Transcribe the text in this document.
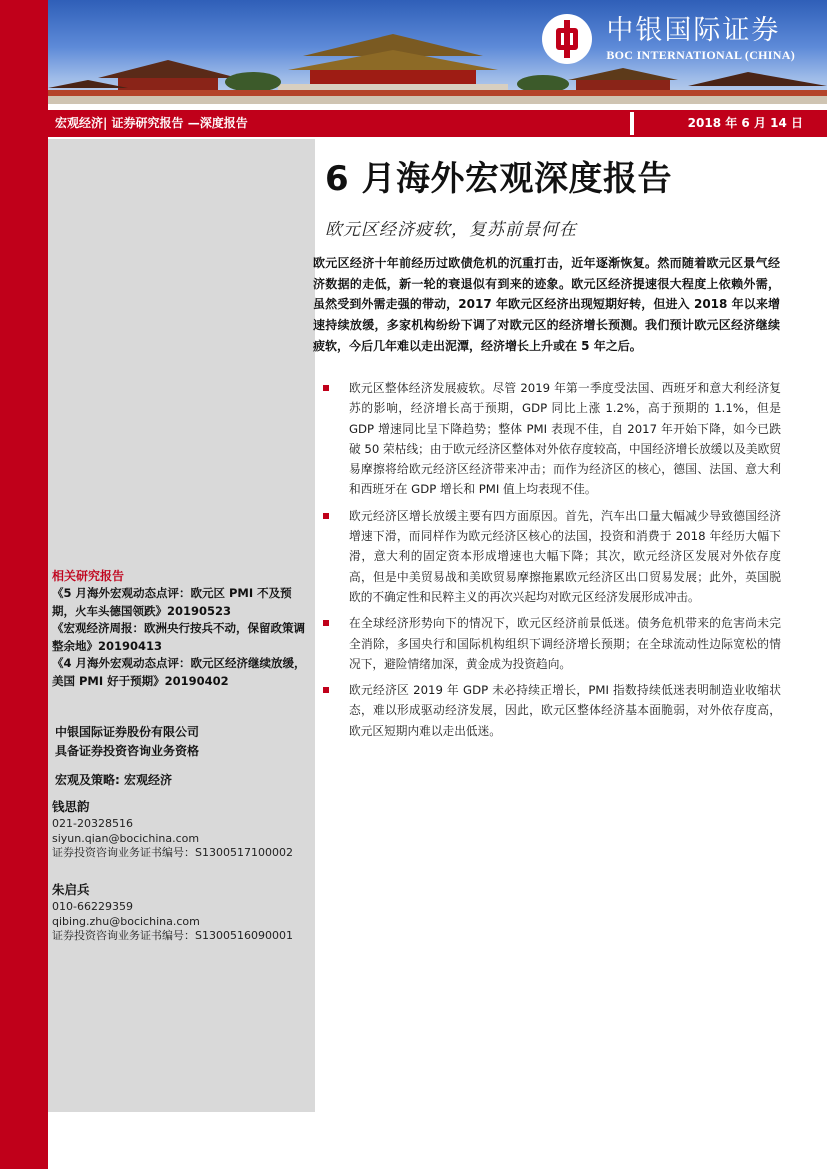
中银国际证券
BOC INTERNATIONAL (CHINA)
宏观经济| 证券研究报告 —深度报告	2018 年 6 月 14 日
相关研究报告
《5 月海外宏观动态点评：欧元区 PMI 不及预期，火车头德国领跌》20190523
《宏观经济周报：欧洲央行按兵不动，保留政策调整余地》20190413
《4 月海外宏观动态点评：欧元区经济继续放缓，美国 PMI 好于预期》20190402
中银国际证券股份有限公司
具备证券投资咨询业务资格
宏观及策略: 宏观经济
钱思韵
021-20328516
siyun.qian@bocichina.com
证券投资咨询业务证书编号：S1300517100002
朱启兵
010-66229359
qibing.zhu@bocichina.com
证券投资咨询业务证书编号：S1300516090001
6 月海外宏观深度报告
欧元区经济疲软，复苏前景何在

欧元区经济十年前经历过欧债危机的沉重打击，近年逐渐恢复。然而随着欧元区景气经济数据的走低，新一轮的衰退似有到来的迹象。欧元区经济提速很大程度上依赖外需，虽然受到外需走强的带动，2017 年欧元区经济出现短期好转，但进入 2018 年以来增速持续放缓，多家机构纷纷下调了对欧元区的经济增长预测。我们预计欧元区经济继续疲软，今后几年难以走出泥潭，经济增长上升或在 5 年之后。

欧元区整体经济发展疲软。尽管 2019 年第一季度受法国、西班牙和意大利经济复苏的影响，经济增长高于预期，GDP 同比上涨 1.2%，高于预期的 1.1%，但是 GDP 增速同比呈下降趋势；整体 PMI 表现不佳，自 2017 年开始下降，如今已跌破 50 荣枯线；由于欧元经济区整体对外依存度较高，中国经济增长放缓以及美欧贸易摩擦将给欧元经济区经济带来冲击；而作为经济区的核心，德国、法国、意大利和西班牙在 GDP 增长和 PMI 值上均表现不佳。
欧元经济区增长放缓主要有四方面原因。首先，汽车出口量大幅减少导致德国经济增速下滑，而同样作为欧元经济区核心的法国，投资和消费于 2018 年经历大幅下滑，意大利的固定资本形成增速也大幅下降；其次，欧元经济区发展对外依存度高，但是中美贸易战和美欧贸易摩擦拖累欧元经济区出口贸易发展；此外，英国脱欧的不确定性和民粹主义的再次兴起均对欧元区经济发展形成冲击。
在全球经济形势向下的情况下，欧元区经济前景低迷。债务危机带来的危害尚未完全消除，多国央行和国际机构组织下调经济增长预期；在全球流动性边际宽松的情况下，避险情绪加深，黄金成为投资趋向。
欧元经济区 2019 年 GDP 未必持续正增长，PMI 指数持续低迷表明制造业收缩状态，难以形成驱动经济发展，因此，欧元区整体经济基本面脆弱，对外依存度高，欧元区短期内难以走出低迷。
